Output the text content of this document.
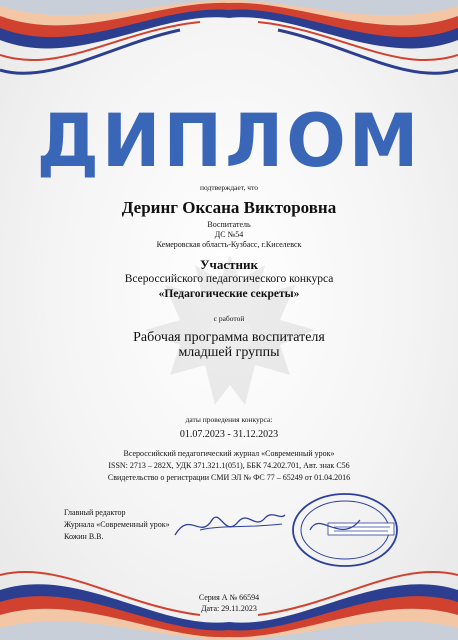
ДИПЛОМ
подтверждает, что
Деринг Оксана Викторовна
Воспитатель
ДС №54
Кемеровская область-Кузбасс, г.Киселевск
Участник
Всероссийского педагогического конкурса
«Педагогические секреты»
с работой
Рабочая программа воспитателя
младшей группы
даты проведения конкурса:
01.07.2023 - 31.12.2023
Всероссийский педагогический журнал «Современный урок»
ISSN: 2713 – 282X, УДК 371.321.1(051), ББК 74.202.701, Авт. знак С56
Свидетельство о регистрации СМИ ЭЛ № ФС 77 – 65249 от 01.04.2016
Главный редактор
Журнала «Современный урок»
Кожин В.В.
Серия А № 66594
Дата: 29.11.2023
